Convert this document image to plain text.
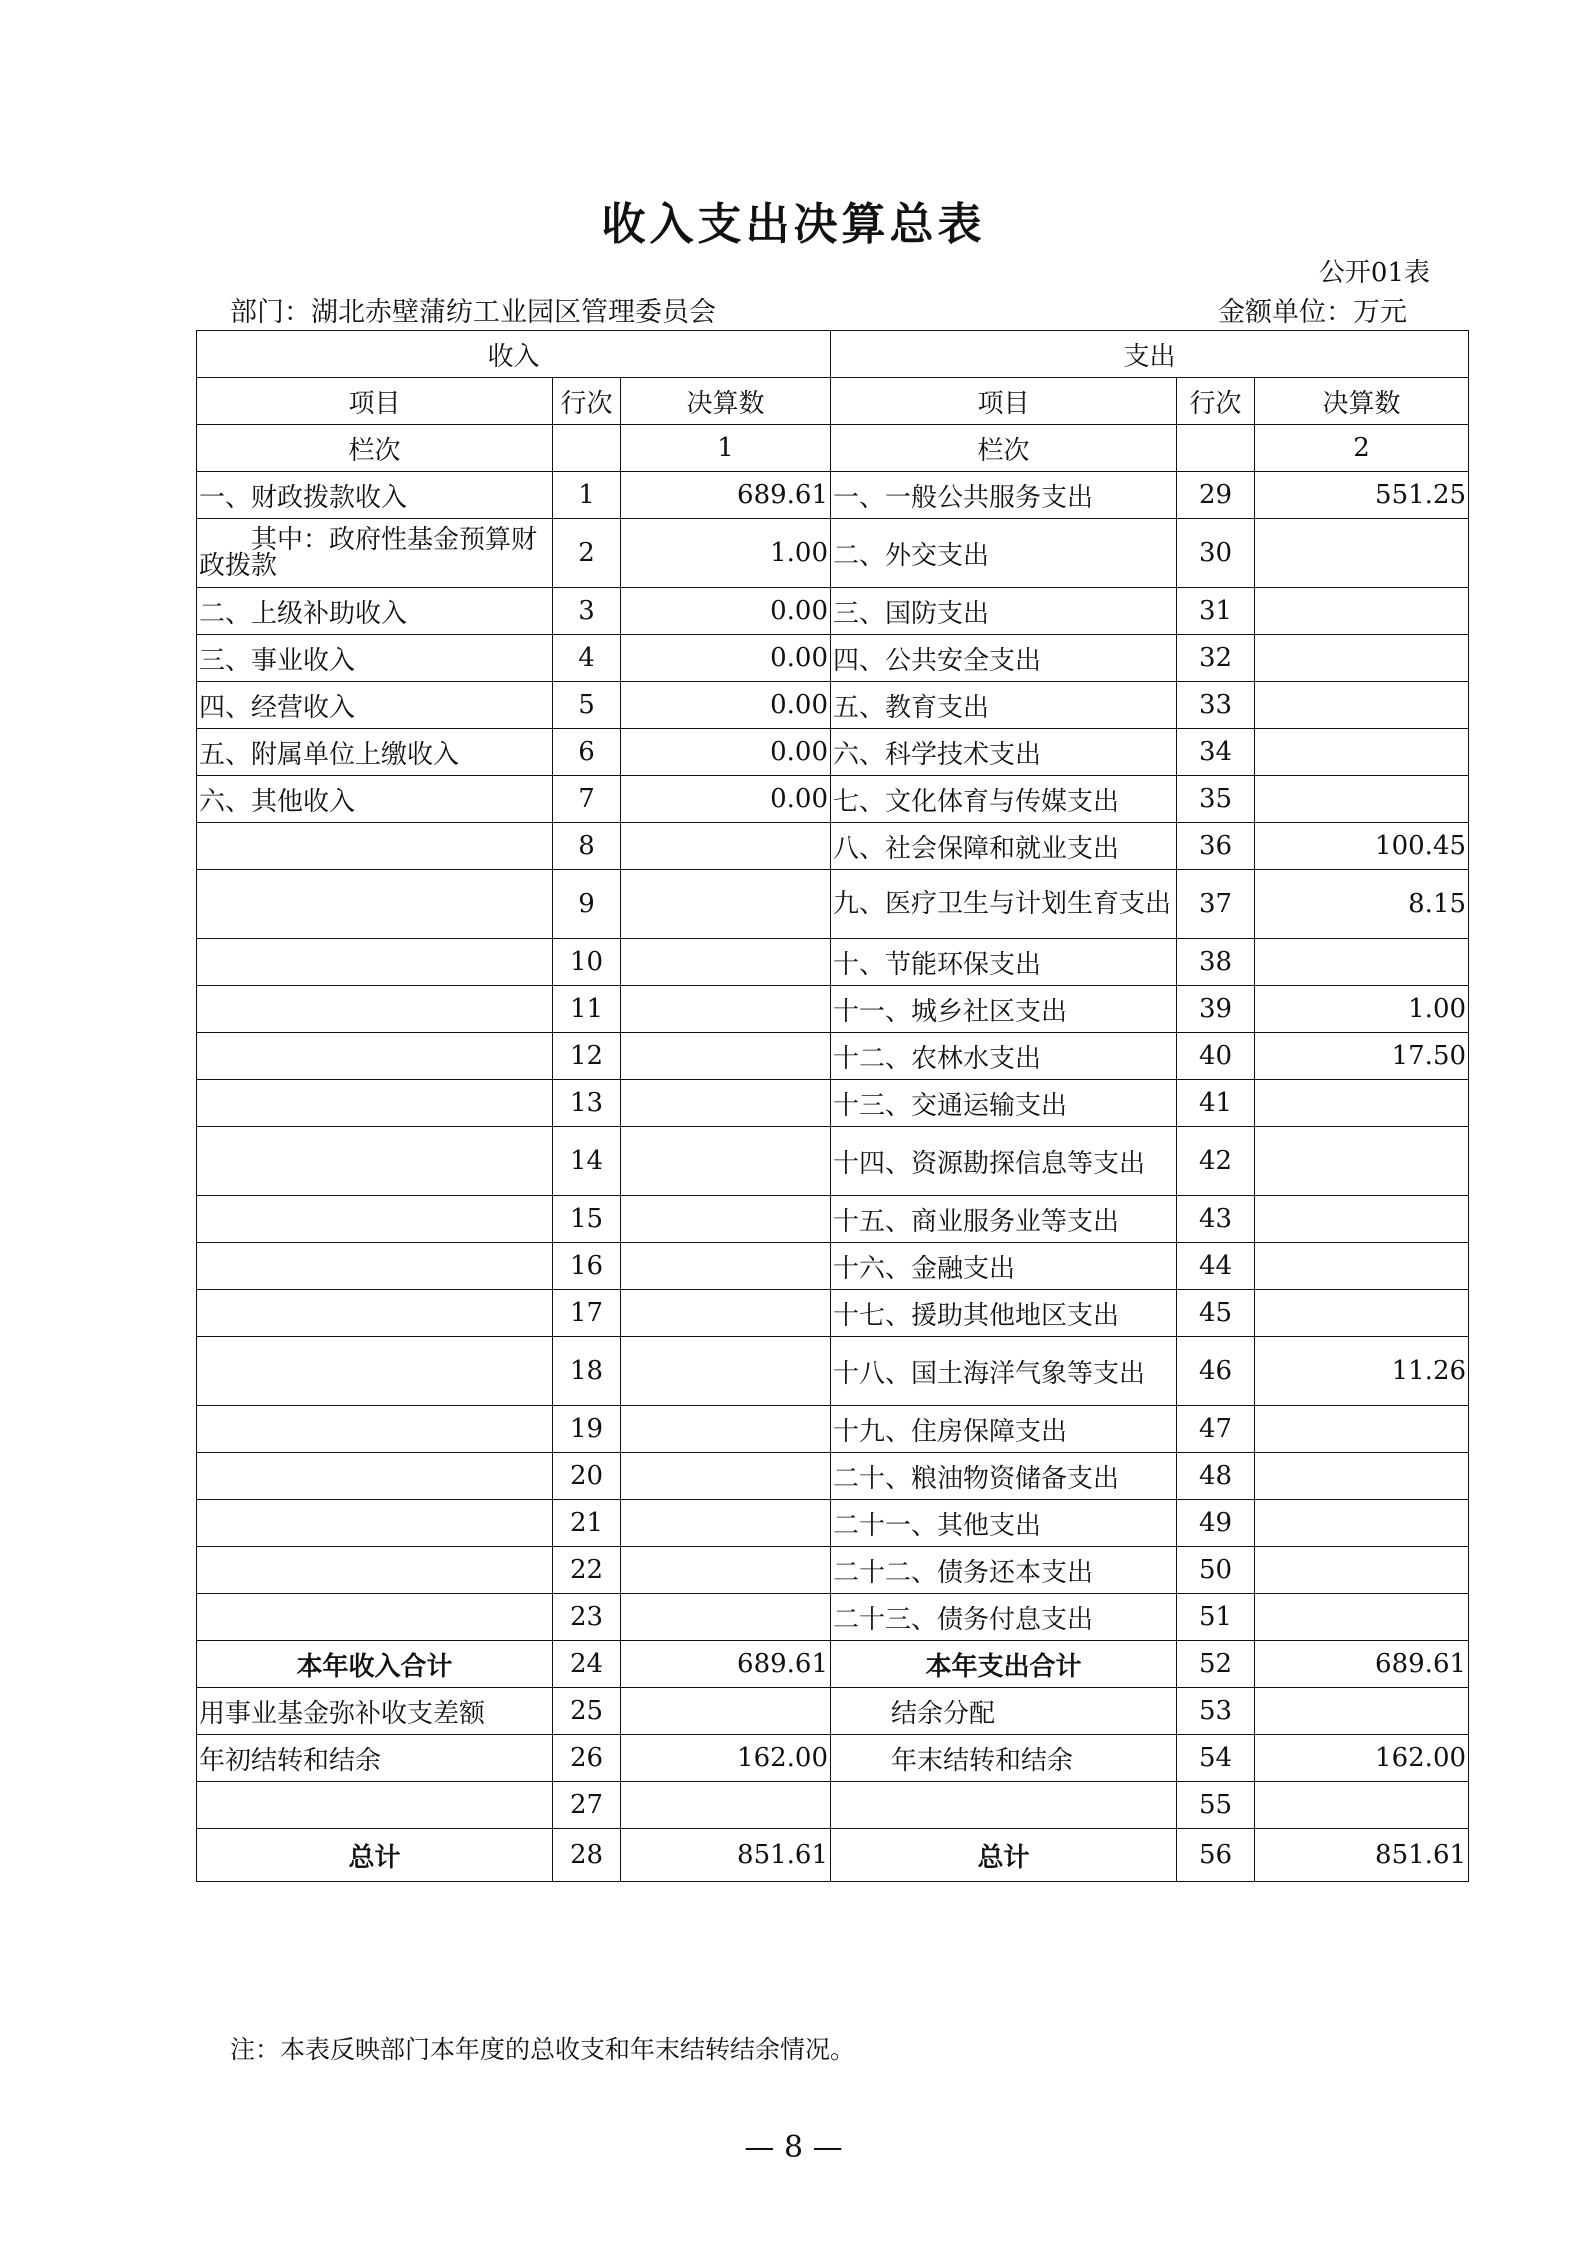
收入支出决算总表
公开01表
部门：湖北赤壁蒲纺工业园区管理委员会	金额单位：万元
收入			支出		
项目	行次	决算数	项目	行次	决算数
栏次		1	栏次		2
一、财政拨款收入	1	689.61	一、一般公共服务支出	29	551.25
其中：政府性基金预算财政拨款	2	1.00	二、外交支出	30	
二、上级补助收入	3	0.00	三、国防支出	31	
三、事业收入	4	0.00	四、公共安全支出	32	
四、经营收入	5	0.00	五、教育支出	33	
五、附属单位上缴收入	6	0.00	六、科学技术支出	34	
六、其他收入	7	0.00	七、文化体育与传媒支出	35	
	8		八、社会保障和就业支出	36	100.45
	9		九、医疗卫生与计划生育支出	37	8.15
	10		十、节能环保支出	38	
	11		十一、城乡社区支出	39	1.00
	12		十二、农林水支出	40	17.50
	13		十三、交通运输支出	41	
	14		十四、资源勘探信息等支出	42	
	15		十五、商业服务业等支出	43	
	16		十六、金融支出	44	
	17		十七、援助其他地区支出	45	
	18		十八、国土海洋气象等支出	46	11.26
	19		十九、住房保障支出	47	
	20		二十、粮油物资储备支出	48	
	21		二十一、其他支出	49	
	22		二十二、债务还本支出	50	
	23		二十三、债务付息支出	51	
本年收入合计	24	689.61	本年支出合计	52	689.61
用事业基金弥补收支差额	25		结余分配	53	
年初结转和结余	26	162.00	年末结转和结余	54	162.00
	27			55	
总计	28	851.61	总计	56	851.61
注：本表反映部门本年度的总收支和年末结转结余情况。
— 8 —
